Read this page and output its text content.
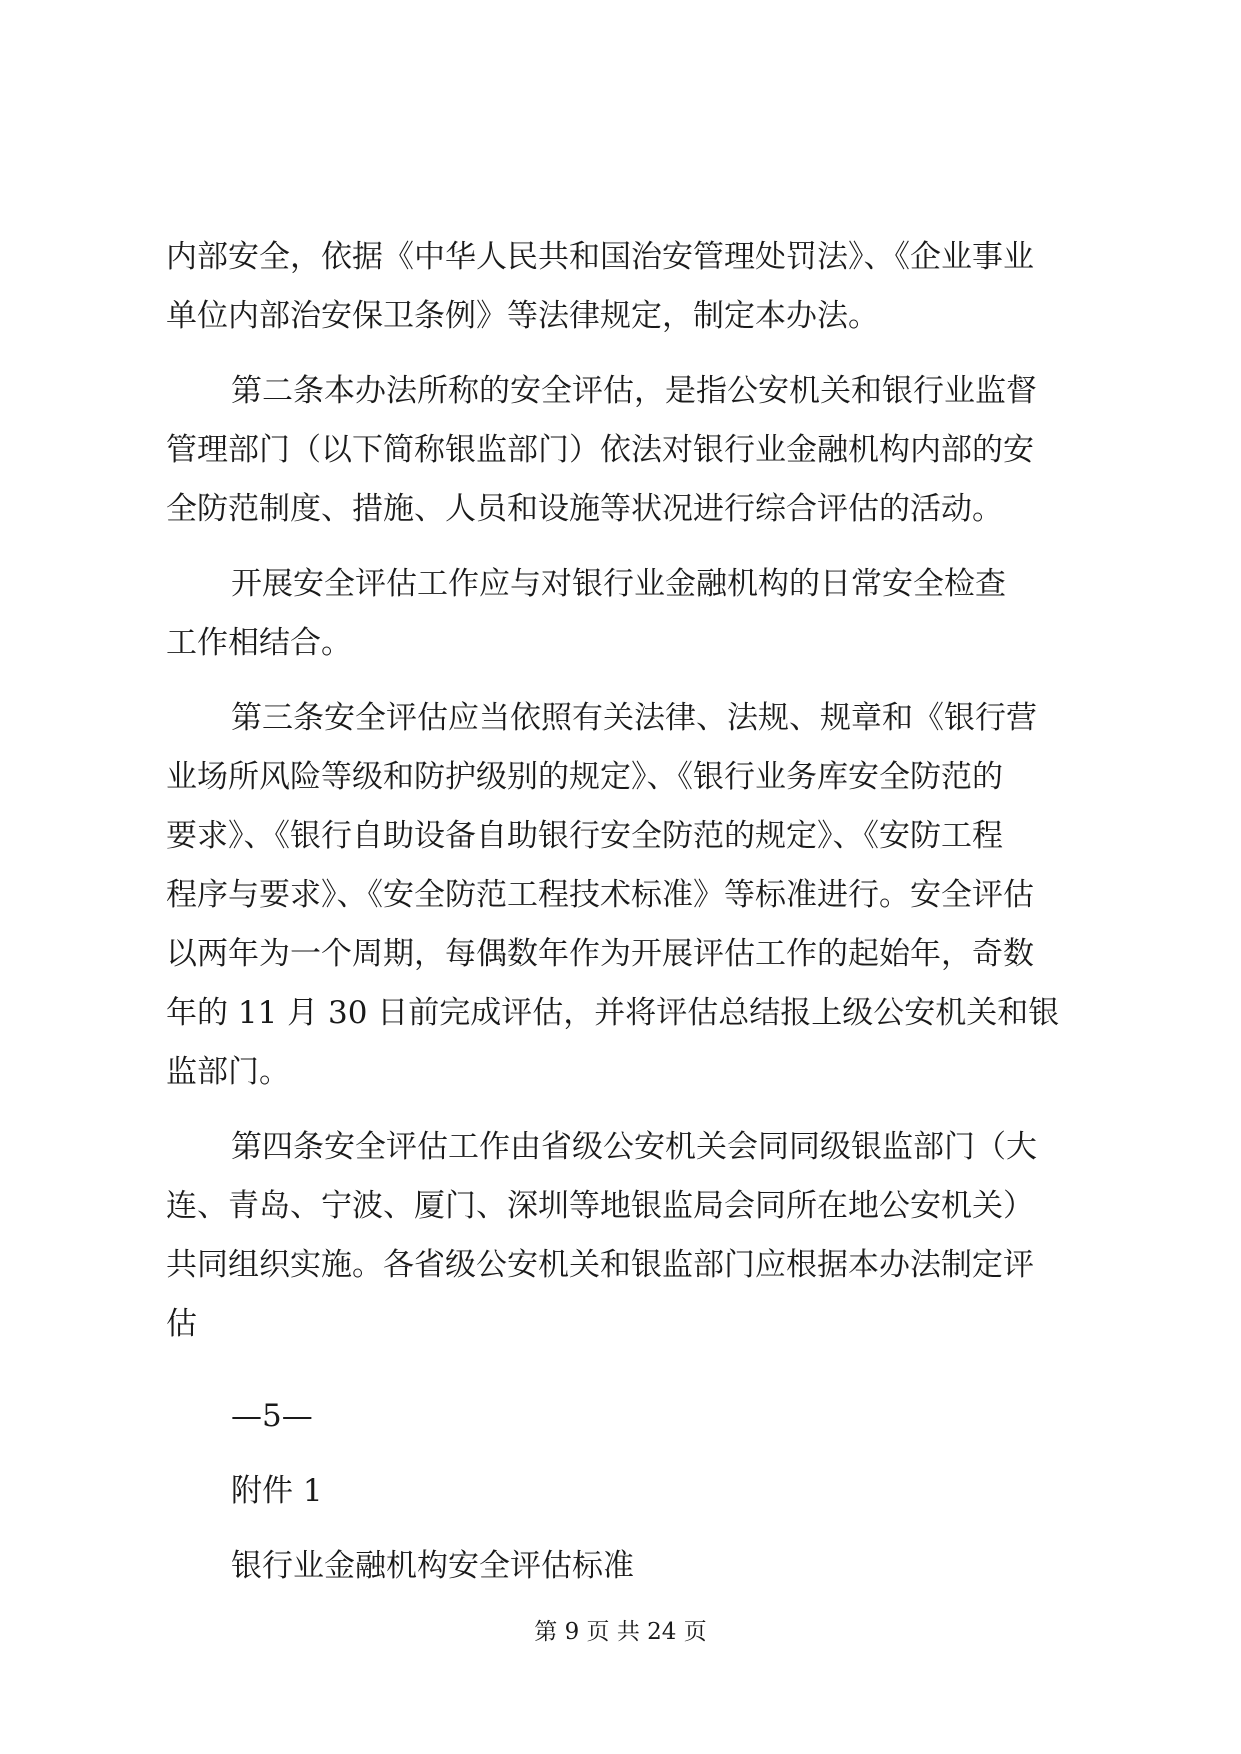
内部安全，依据《中华人民共和国治安管理处罚法》、《企业事业
单位内部治安保卫条例》等法律规定，制定本办法。
第二条本办法所称的安全评估，是指公安机关和银行业监督
管理部门（以下简称银监部门）依法对银行业金融机构内部的安
全防范制度、措施、人员和设施等状况进行综合评估的活动。
开展安全评估工作应与对银行业金融机构的日常安全检查
工作相结合。
第三条安全评估应当依照有关法律、法规、规章和《银行营
业场所风险等级和防护级别的规定》、《银行业务库安全防范的
要求》、《银行自助设备自助银行安全防范的规定》、《安防工程
程序与要求》、《安全防范工程技术标准》等标准进行。安全评估
以两年为一个周期，每偶数年作为开展评估工作的起始年，奇数
年的 11 月 30 日前完成评估，并将评估总结报上级公安机关和银
监部门。
第四条安全评估工作由省级公安机关会同同级银监部门（大
连、青岛、宁波、厦门、深圳等地银监局会同所在地公安机关）
共同组织实施。各省级公安机关和银监部门应根据本办法制定评
估
—5—
附件 1
银行业金融机构安全评估标准
第 9 页 共 24 页
